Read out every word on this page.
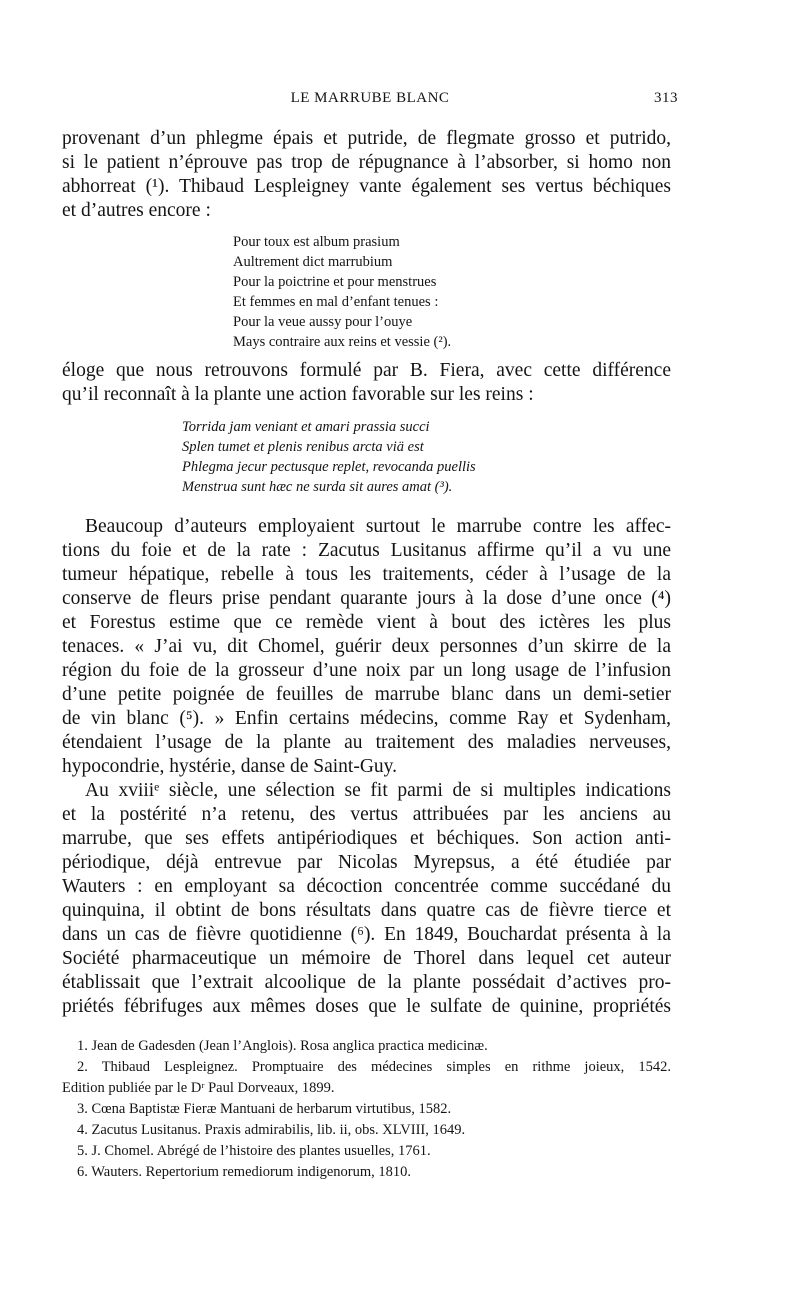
LE MARRUBE BLANC	313
provenant d’un phlegme épais et putride, de flegmate grosso et putrido,
si le patient n’éprouve pas trop de répugnance à l’absorber, si homo non
abhorreat (¹). Thibaud Lespleigney vante également ses vertus béchiques
et d’autres encore :
Pour toux est album prasium
Aultrement dict marrubium
Pour la poictrine et pour menstrues
Et femmes en mal d’enfant tenues :
Pour la veue aussy pour l’ouye
Mays contraire aux reins et vessie (²).
éloge que nous retrouvons formulé par B. Fiera, avec cette différence
qu’il reconnaît à la plante une action favorable sur les reins :
Torrida jam veniant et amari prassia succi
Splen tumet et plenis renibus arcta viä est
Phlegma jecur pectusque replet, revocanda puellis
Menstrua sunt hæc ne surda sit aures amat (³).
Beaucoup d’auteurs employaient surtout le marrube contre les affec-
tions du foie et de la rate : Zacutus Lusitanus affirme qu’il a vu une
tumeur hépatique, rebelle à tous les traitements, céder à l’usage de la
conserve de fleurs prise pendant quarante jours à la dose d’une once (⁴)
et Forestus estime que ce remède vient à bout des ictères les plus
tenaces. « J’ai vu, dit Chomel, guérir deux personnes d’un skirre de la
région du foie de la grosseur d’une noix par un long usage de l’infusion
d’une petite poignée de feuilles de marrube blanc dans un demi-setier
de vin blanc (⁵). » Enfin certains médecins, comme Ray et Sydenham,
étendaient l’usage de la plante au traitement des maladies nerveuses,
hypocondrie, hystérie, danse de Saint-Guy.
Au xviiiᵉ siècle, une sélection se fit parmi de si multiples indications
et la postérité n’a retenu, des vertus attribuées par les anciens au
marrube, que ses effets antipériodiques et béchiques. Son action anti-
périodique, déjà entrevue par Nicolas Myrepsus, a été étudiée par
Wauters : en employant sa décoction concentrée comme succédané du
quinquina, il obtint de bons résultats dans quatre cas de fièvre tierce et
dans un cas de fièvre quotidienne (⁶). En 1849, Bouchardat présenta à la
Société pharmaceutique un mémoire de Thorel dans lequel cet auteur
établissait que l’extrait alcoolique de la plante possédait d’actives pro-
priétés fébrifuges aux mêmes doses que le sulfate de quinine, propriétés
1. Jean de Gadesden (Jean l’Anglois). Rosa anglica practica medicinæ.
2. Thibaud Lespleignez. Promptuaire des médecines simples en rithme joieux, 1542.
Edition publiée par le Dʳ Paul Dorveaux, 1899.
3. Cœna Baptistæ Fieræ Mantuani de herbarum virtutibus, 1582.
4. Zacutus Lusitanus. Praxis admirabilis, lib. ii, obs. XLVIII, 1649.
5. J. Chomel. Abrégé de l’histoire des plantes usuelles, 1761.
6. Wauters. Repertorium remediorum indigenorum, 1810.
